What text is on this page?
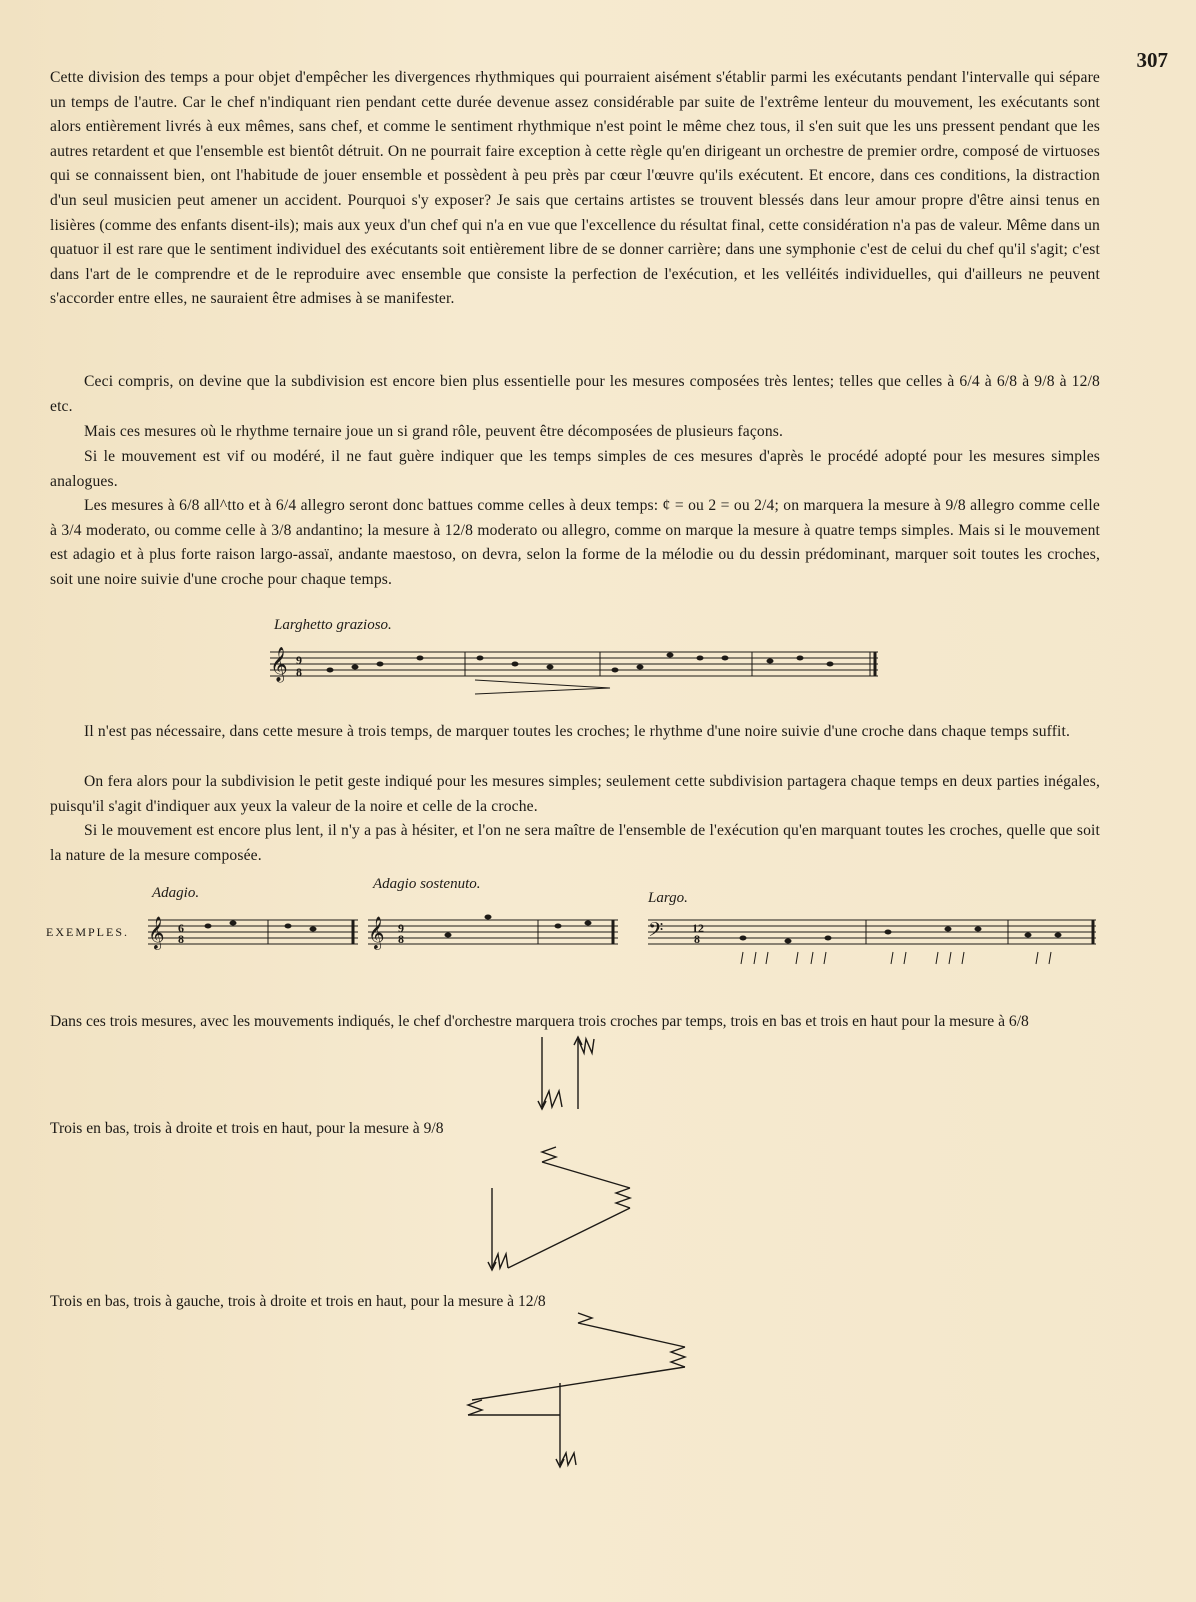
307
Cette division des temps a pour objet d'empêcher les divergences rhythmiques qui pourraient aisément s'établir parmi les exécutants pendant l'intervalle qui sépare un temps de l'autre. Car le chef n'indiquant rien pendant cette durée devenue assez considérable par suite de l'extrême lenteur du mouvement, les exécutants sont alors entièrement livrés à eux mêmes, sans chef, et comme le sentiment rhythmique n'est point le même chez tous, il s'en suit que les uns pressent pendant que les autres retardent et que l'ensemble est bientôt détruit. On ne pourrait faire exception à cette règle qu'en dirigeant un orchestre de premier ordre, composé de virtuoses qui se connaissent bien, ont l'habitude de jouer ensemble et possèdent à peu près par cœur l'œuvre qu'ils exécutent. Et encore, dans ces conditions, la distraction d'un seul musicien peut amener un accident. Pourquoi s'y exposer? Je sais que certains artistes se trouvent blessés dans leur amour propre d'être ainsi tenus en lisières (comme des enfants disent-ils); mais aux yeux d'un chef qui n'a en vue que l'excellence du résultat final, cette considération n'a pas de valeur. Même dans un quatuor il est rare que le sentiment individuel des exécutants soit entièrement libre de se donner carrière; dans une symphonie c'est de celui du chef qu'il s'agit; c'est dans l'art de le comprendre et de le reproduire avec ensemble que consiste la perfection de l'exécution, et les velléités individuelles, qui d'ailleurs ne peuvent s'accorder entre elles, ne sauraient être admises à se manifester.
Ceci compris, on devine que la subdivision est encore bien plus essentielle pour les mesures composées très lentes; telles que celles à 6/4 à 6/8 à 9/8 à 12/8 etc.
Mais ces mesures où le rhythme ternaire joue un si grand rôle, peuvent être décomposées de plusieurs façons.
Si le mouvement est vif ou modéré, il ne faut guère indiquer que les temps simples de ces mesures d'après le procédé adopté pour les mesures simples analogues.
Les mesures à 6/8 all^tto et à 6/4 allegro seront donc battues comme celles à deux temps: ¢ = ou 2 = ou 2/4; on marquera la mesure à 9/8 allegro comme celle à 3/4 moderato, ou comme celle à 3/8 andantino; la mesure à 12/8 moderato ou allegro, comme on marque la mesure à quatre temps simples. Mais si le mouvement est adagio et à plus forte raison largo-assaï, andante maestoso, on devra, selon la forme de la mélodie ou du dessin prédominant, marquer soit toutes les croches, soit une noire suivie d'une croche pour chaque temps.
Larghetto grazioso.
𝄞 9
8
Il n'est pas nécessaire, dans cette mesure à trois temps, de marquer toutes les croches; le rhythme d'une noire suivie d'une croche dans chaque temps suffit.
On fera alors pour la subdivision le petit geste indiqué pour les mesures simples; seulement cette subdivision partagera chaque temps en deux parties inégales, puisqu'il s'agit d'indiquer aux yeux la valeur de la noire et celle de la croche.
Si le mouvement est encore plus lent, il n'y a pas à hésiter, et l'on ne sera maître de l'ensemble de l'exécution qu'en marquant toutes les croches, quelle que soit la nature de la mesure composée.
Adagio.
Adagio sostenuto.
Largo.
EXEMPLES. 𝄞 6
8	𝄞 9
8	𝄢 12
8
Dans ces trois mesures, avec les mouvements indiqués, le chef d'orchestre marquera trois croches par temps, trois en bas et trois en haut pour la mesure à 6/8
Trois en bas, trois à droite et trois en haut, pour la mesure à 9/8
Trois en bas, trois à gauche, trois à droite et trois en haut, pour la mesure à 12/8
